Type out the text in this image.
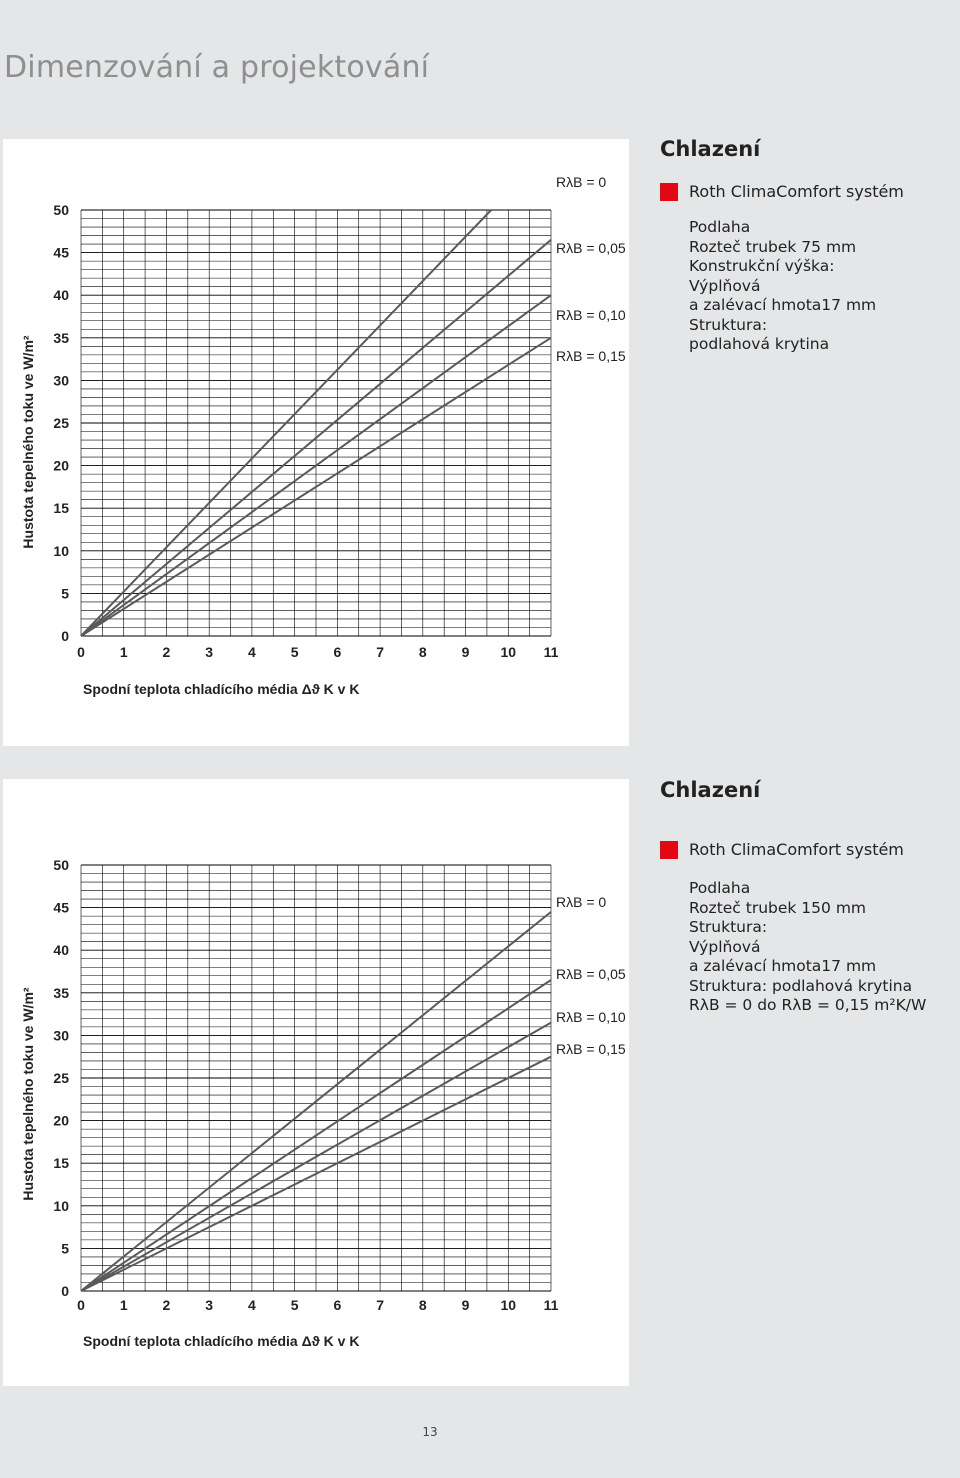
Dimenzování a projektování
0 1 2 3 4 5 6 7 8 9 10 11
0
5
10
15
20
25
30
35
40
45
50
RλB = 0
RλB = 0,05
RλB = 0,10
RλB = 0,15
Spodní teplota chladícího média Δϑ K v K
Hustota tepelného toku ve W/m²
Chlazení
Roth ClimaComfort systém
Podlaha
Rozteč trubek 75 mm
Konstrukční výška:
Výplňová
a zalévací hmota17 mm
Struktura:
podlahová krytina
0 1 2 3 4 5 6 7 8 9 10 11
0
5
10
15
20
25
30
35
40
45
50
RλB = 0
RλB = 0,05
RλB = 0,10
RλB = 0,15
Spodní teplota chladícího média Δϑ K v K
Hustota tepelného toku ve W/m²
Chlazení
Roth ClimaComfort systém
Podlaha
Rozteč trubek 150 mm
Struktura:
Výplňová
a zalévací hmota17 mm
Struktura: podlahová krytina
RλB = 0 do RλB = 0,15 m²K/W
13
